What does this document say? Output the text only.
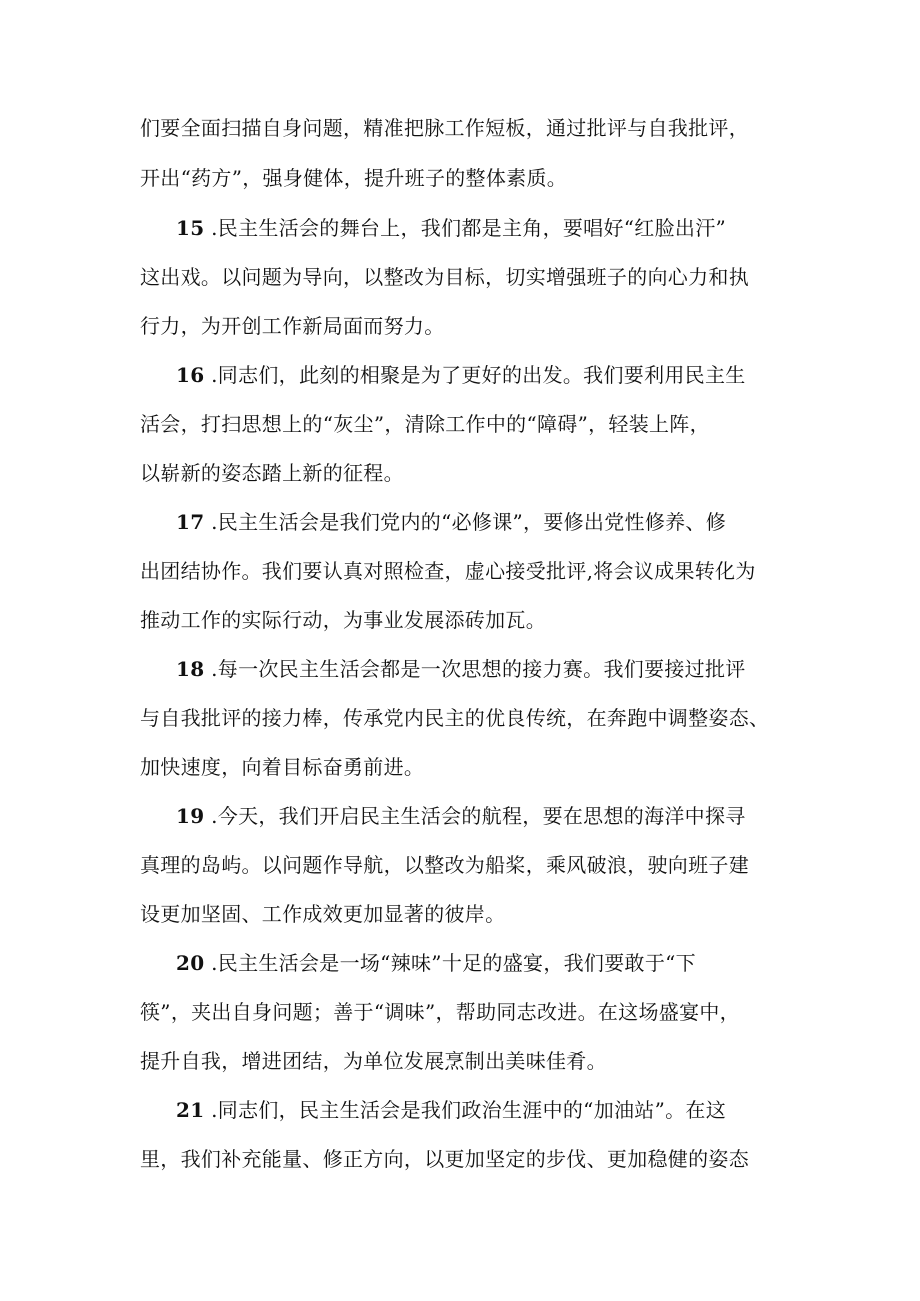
们要全面扫描自身问题，精准把脉工作短板，通过批评与自我批评，
开出“药方”，强身健体，提升班子的整体素质。
15 .民主生活会的舞台上，我们都是主角，要唱好“红脸出汗”
这出戏。以问题为导向，以整改为目标，切实增强班子的向心力和执
行力，为开创工作新局面而努力。
16 .同志们，此刻的相聚是为了更好的出发。我们要利用民主生
活会，打扫思想上的“灰尘”，清除工作中的“障碍”，轻装上阵，
以崭新的姿态踏上新的征程。
17 .民主生活会是我们党内的“必修课”，要修出党性修养、修
出团结协作。我们要认真对照检查，虚心接受批评,将会议成果转化为
推动工作的实际行动，为事业发展添砖加瓦。
18 .每一次民主生活会都是一次思想的接力赛。我们要接过批评
与自我批评的接力棒，传承党内民主的优良传统，在奔跑中调整姿态、
加快速度，向着目标奋勇前进。
19 .今天，我们开启民主生活会的航程，要在思想的海洋中探寻
真理的岛屿。以问题作导航，以整改为船桨，乘风破浪，驶向班子建
设更加坚固、工作成效更加显著的彼岸。
20 .民主生活会是一场“辣味”十足的盛宴，我们要敢于“下
筷”，夹出自身问题；善于“调味”，帮助同志改进。在这场盛宴中，
提升自我，增进团结，为单位发展烹制出美味佳肴。
21 .同志们，民主生活会是我们政治生涯中的“加油站”。在这
里，我们补充能量、修正方向，以更加坚定的步伐、更加稳健的姿态
